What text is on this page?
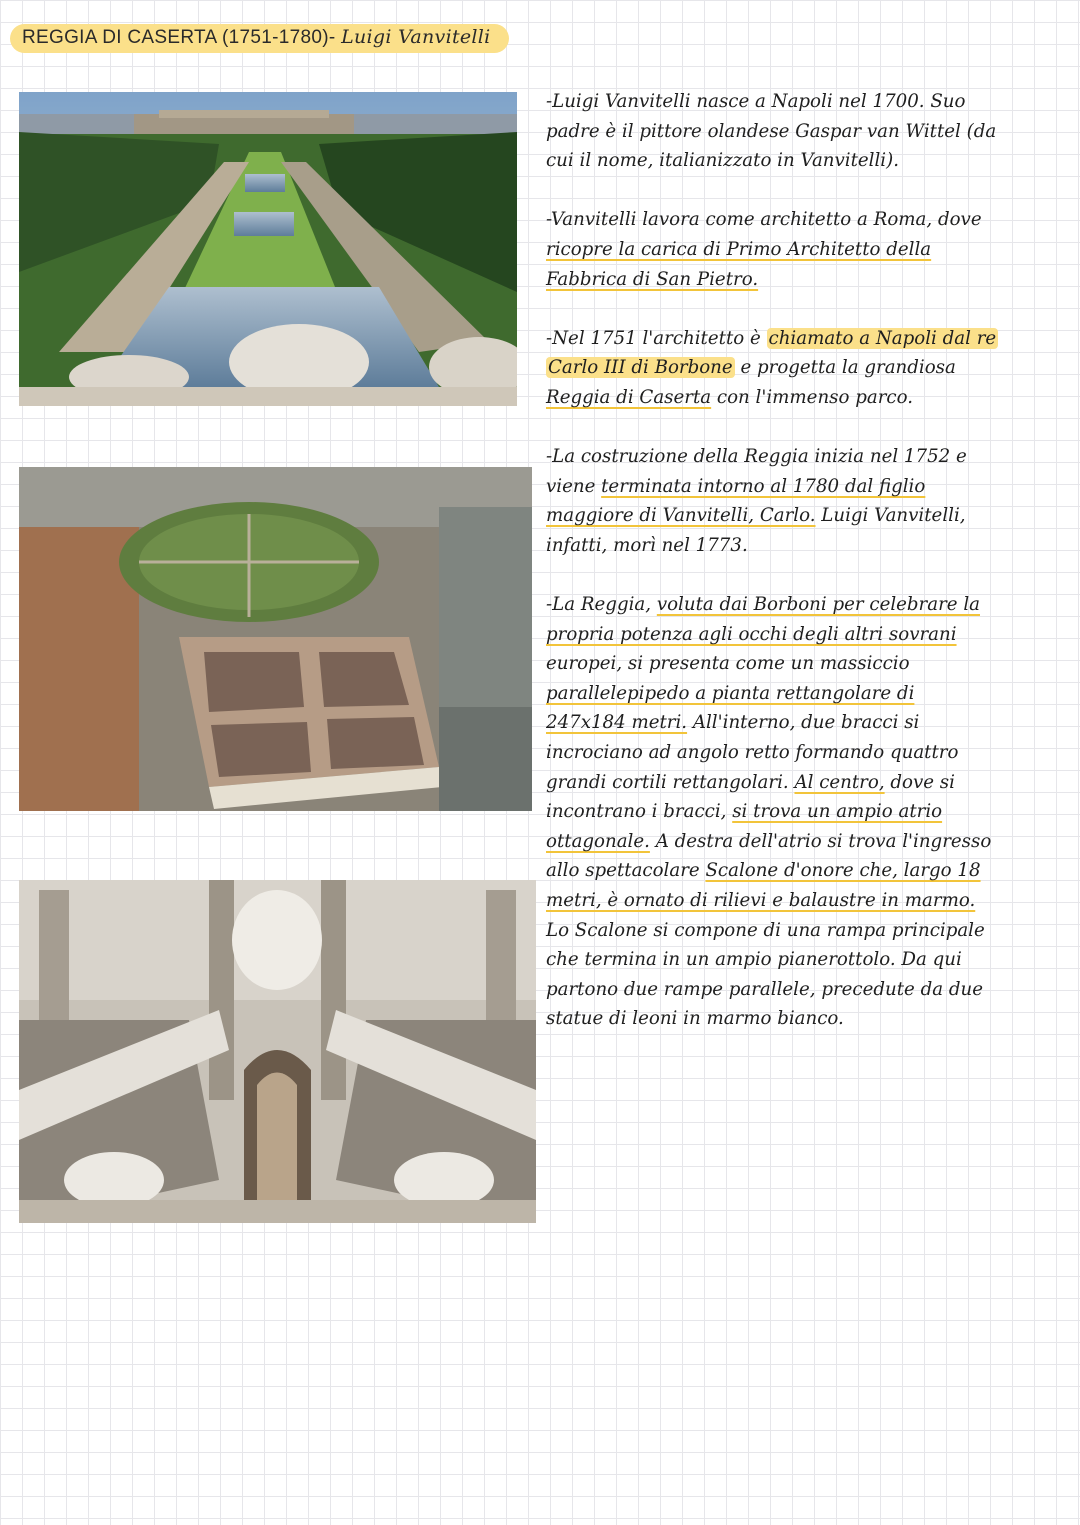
REGGIA DI CASERTA (1751-1780)- Luigi Vanvitelli
-Luigi Vanvitelli nasce a Napoli nel 1700. Suo
padre è il pittore olandese Gaspar van Wittel (da
cui il nome, italianizzato in Vanvitelli).
-Vanvitelli lavora come architetto a Roma, dove
ricopre la carica di Primo Architetto della
Fabbrica di San Pietro.
-Nel 1751 l'architetto è chiamato a Napoli dal re
Carlo III di Borbone e progetta la grandiosa
Reggia di Caserta con l'immenso parco.
-La costruzione della Reggia inizia nel 1752 e
viene terminata intorno al 1780 dal figlio
maggiore di Vanvitelli, Carlo. Luigi Vanvitelli,
infatti, morì nel 1773.
-La Reggia, voluta dai Borboni per celebrare la
propria potenza agli occhi degli altri sovrani
europei, si presenta come un massiccio
parallelepipedo a pianta rettangolare di
247x184 metri. All'interno, due bracci si
incrociano ad angolo retto formando quattro
grandi cortili rettangolari. Al centro, dove si
incontrano i bracci, si trova un ampio atrio
ottagonale. A destra dell'atrio si trova l'ingresso
allo spettacolare Scalone d'onore che, largo 18
metri, è ornato di rilievi e balaustre in marmo.
Lo Scalone si compone di una rampa principale
che termina in un ampio pianerottolo. Da qui
partono due rampe parallele, precedute da due
statue di leoni in marmo bianco.
